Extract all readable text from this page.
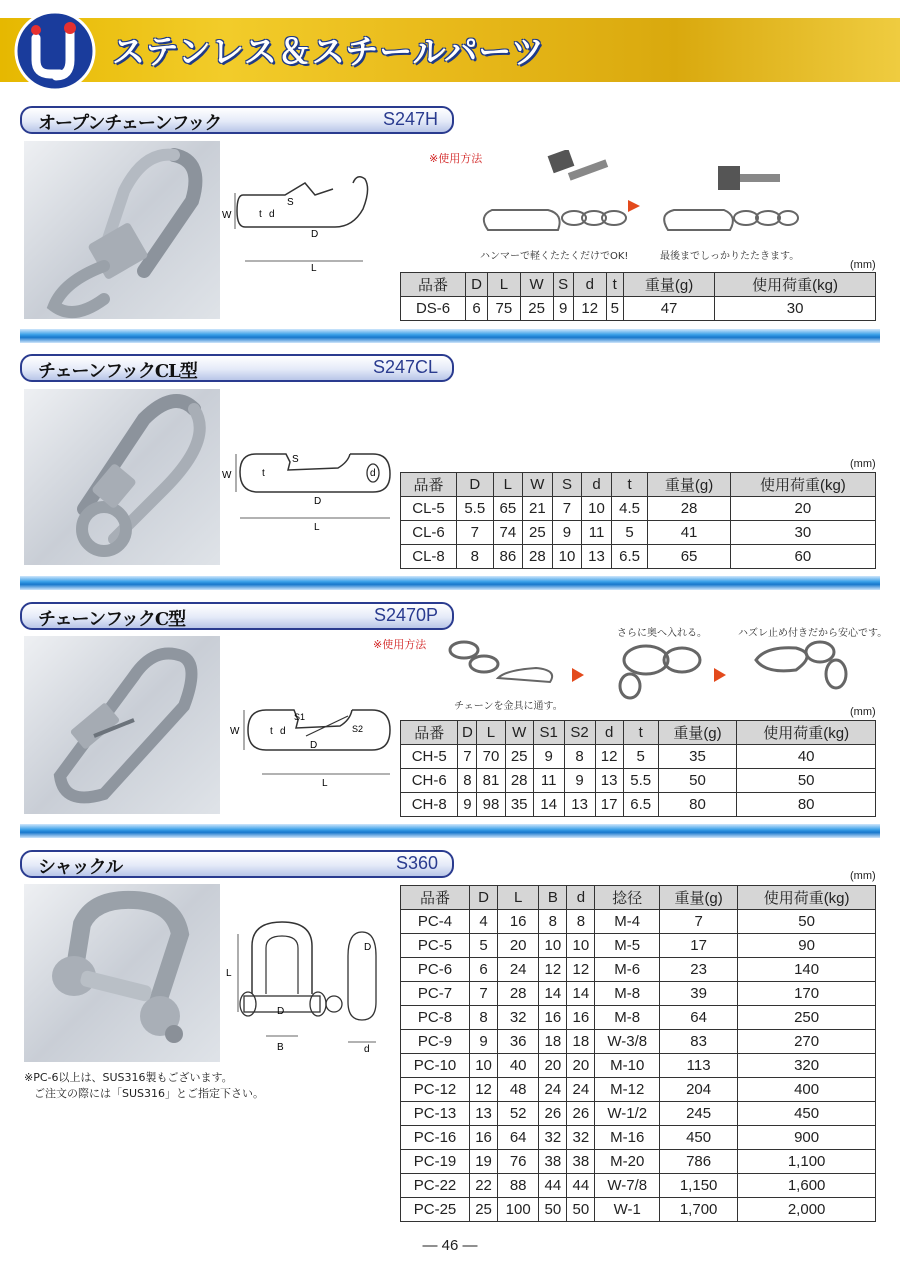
ステンレス＆スチールパーツ
オープンチェーンフック	S247H
W
S
t d
D
L
※使用方法
ハンマーで軽くたたくだけでOK!	最後までしっかりたたきます。
(mm)
品番	D	L	W	S	d	t	重量(g)	使用荷重(kg)
DS-6	6	75	25	9	12	5	47	30
チェーンフックCL型	S247CL
W
S
t	d
D
L
(mm)
品番	D	L	W	S	d	t	重量(g)	使用荷重(kg)
CL-5	5.5	65	21	7	10	4.5	28	20
CL-6	7	74	25	9	11	5	41	30
CL-8	8	86	28	10	13	6.5	65	60
チェーンフックC型	S2470P
W
S1
t d	S2
D
L
※使用方法
さらに奥へ入れる。	ハズレ止め付きだから安心です。
チェーンを金具に通す。	(mm)
品番	D	L	W	S1	S2	d	t	重量(g)	使用荷重(kg)
CH-5	7	70	25	9	8	12	5	35	40
CH-6	8	81	28	11	9	13	5.5	50	50
CH-8	9	98	35	14	13	17	6.5	80	80
シャックル	S360
L
D
B
D
d
※PC-6以上は、SUS316製もございます。
ご注文の際には「SUS316」とご指定下さい。
(mm)
品番	D	L	B	d	捻径	重量(g)	使用荷重(kg)
PC-4	4	16	8	8	M-4	7	50
PC-5	5	20	10	10	M-5	17	90
PC-6	6	24	12	12	M-6	23	140
PC-7	7	28	14	14	M-8	39	170
PC-8	8	32	16	16	M-8	64	250
PC-9	9	36	18	18	W-3/8	83	270
PC-10	10	40	20	20	M-10	113	320
PC-12	12	48	24	24	M-12	204	400
PC-13	13	52	26	26	W-1/2	245	450
PC-16	16	64	32	32	M-16	450	900
PC-19	19	76	38	38	M-20	786	1,100
PC-22	22	88	44	44	W-7/8	1,150	1,600
PC-25	25	100	50	50	W-1	1,700	2,000
— 46 —
